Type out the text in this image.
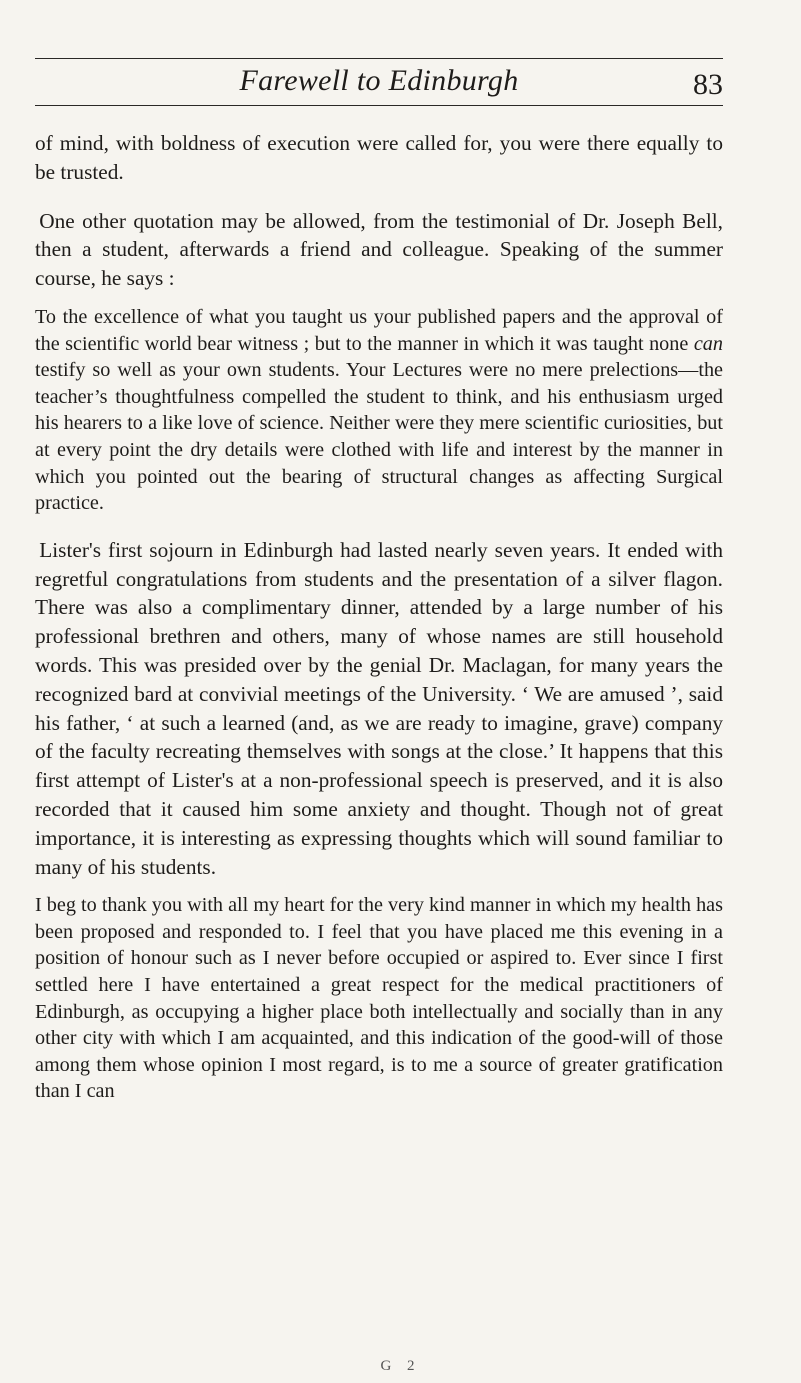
Farewell to Edinburgh	83

of mind, with boldness of execution were called for, you were there equally to be trusted.

One other quotation may be allowed, from the testimonial of Dr. Joseph Bell, then a student, afterwards a friend and colleague. Speaking of the summer course, he says :

To the excellence of what you taught us your published papers and the approval of the scientific world bear witness ; but to the manner in which it was taught none can testify so well as your own students. Your Lectures were no mere prelections—the teacher’s thoughtfulness compelled the student to think, and his enthusiasm urged his hearers to a like love of science. Neither were they mere scientific curiosities, but at every point the dry details were clothed with life and interest by the manner in which you pointed out the bearing of structural changes as affecting Surgical practice.

Lister's first sojourn in Edinburgh had lasted nearly seven years. It ended with regretful congratulations from students and the presentation of a silver flagon. There was also a complimentary dinner, attended by a large number of his professional brethren and others, many of whose names are still household words. This was presided over by the genial Dr. Maclagan, for many years the recognized bard at convivial meetings of the University. ‘ We are amused ’, said his father, ‘ at such a learned (and, as we are ready to imagine, grave) company of the faculty recreating themselves with songs at the close.’ It happens that this first attempt of Lister's at a non-professional speech is preserved, and it is also recorded that it caused him some anxiety and thought. Though not of great importance, it is interesting as expressing thoughts which will sound familiar to many of his students.

I beg to thank you with all my heart for the very kind manner in which my health has been proposed and responded to. I feel that you have placed me this evening in a position of honour such as I never before occupied or aspired to. Ever since I first settled here I have entertained a great respect for the medical practitioners of Edinburgh, as occupying a higher place both intellectually and socially than in any other city with which I am acquainted, and this indication of the good-will of those among them whose opinion I most regard, is to me a source of greater gratification than I can

G 2
